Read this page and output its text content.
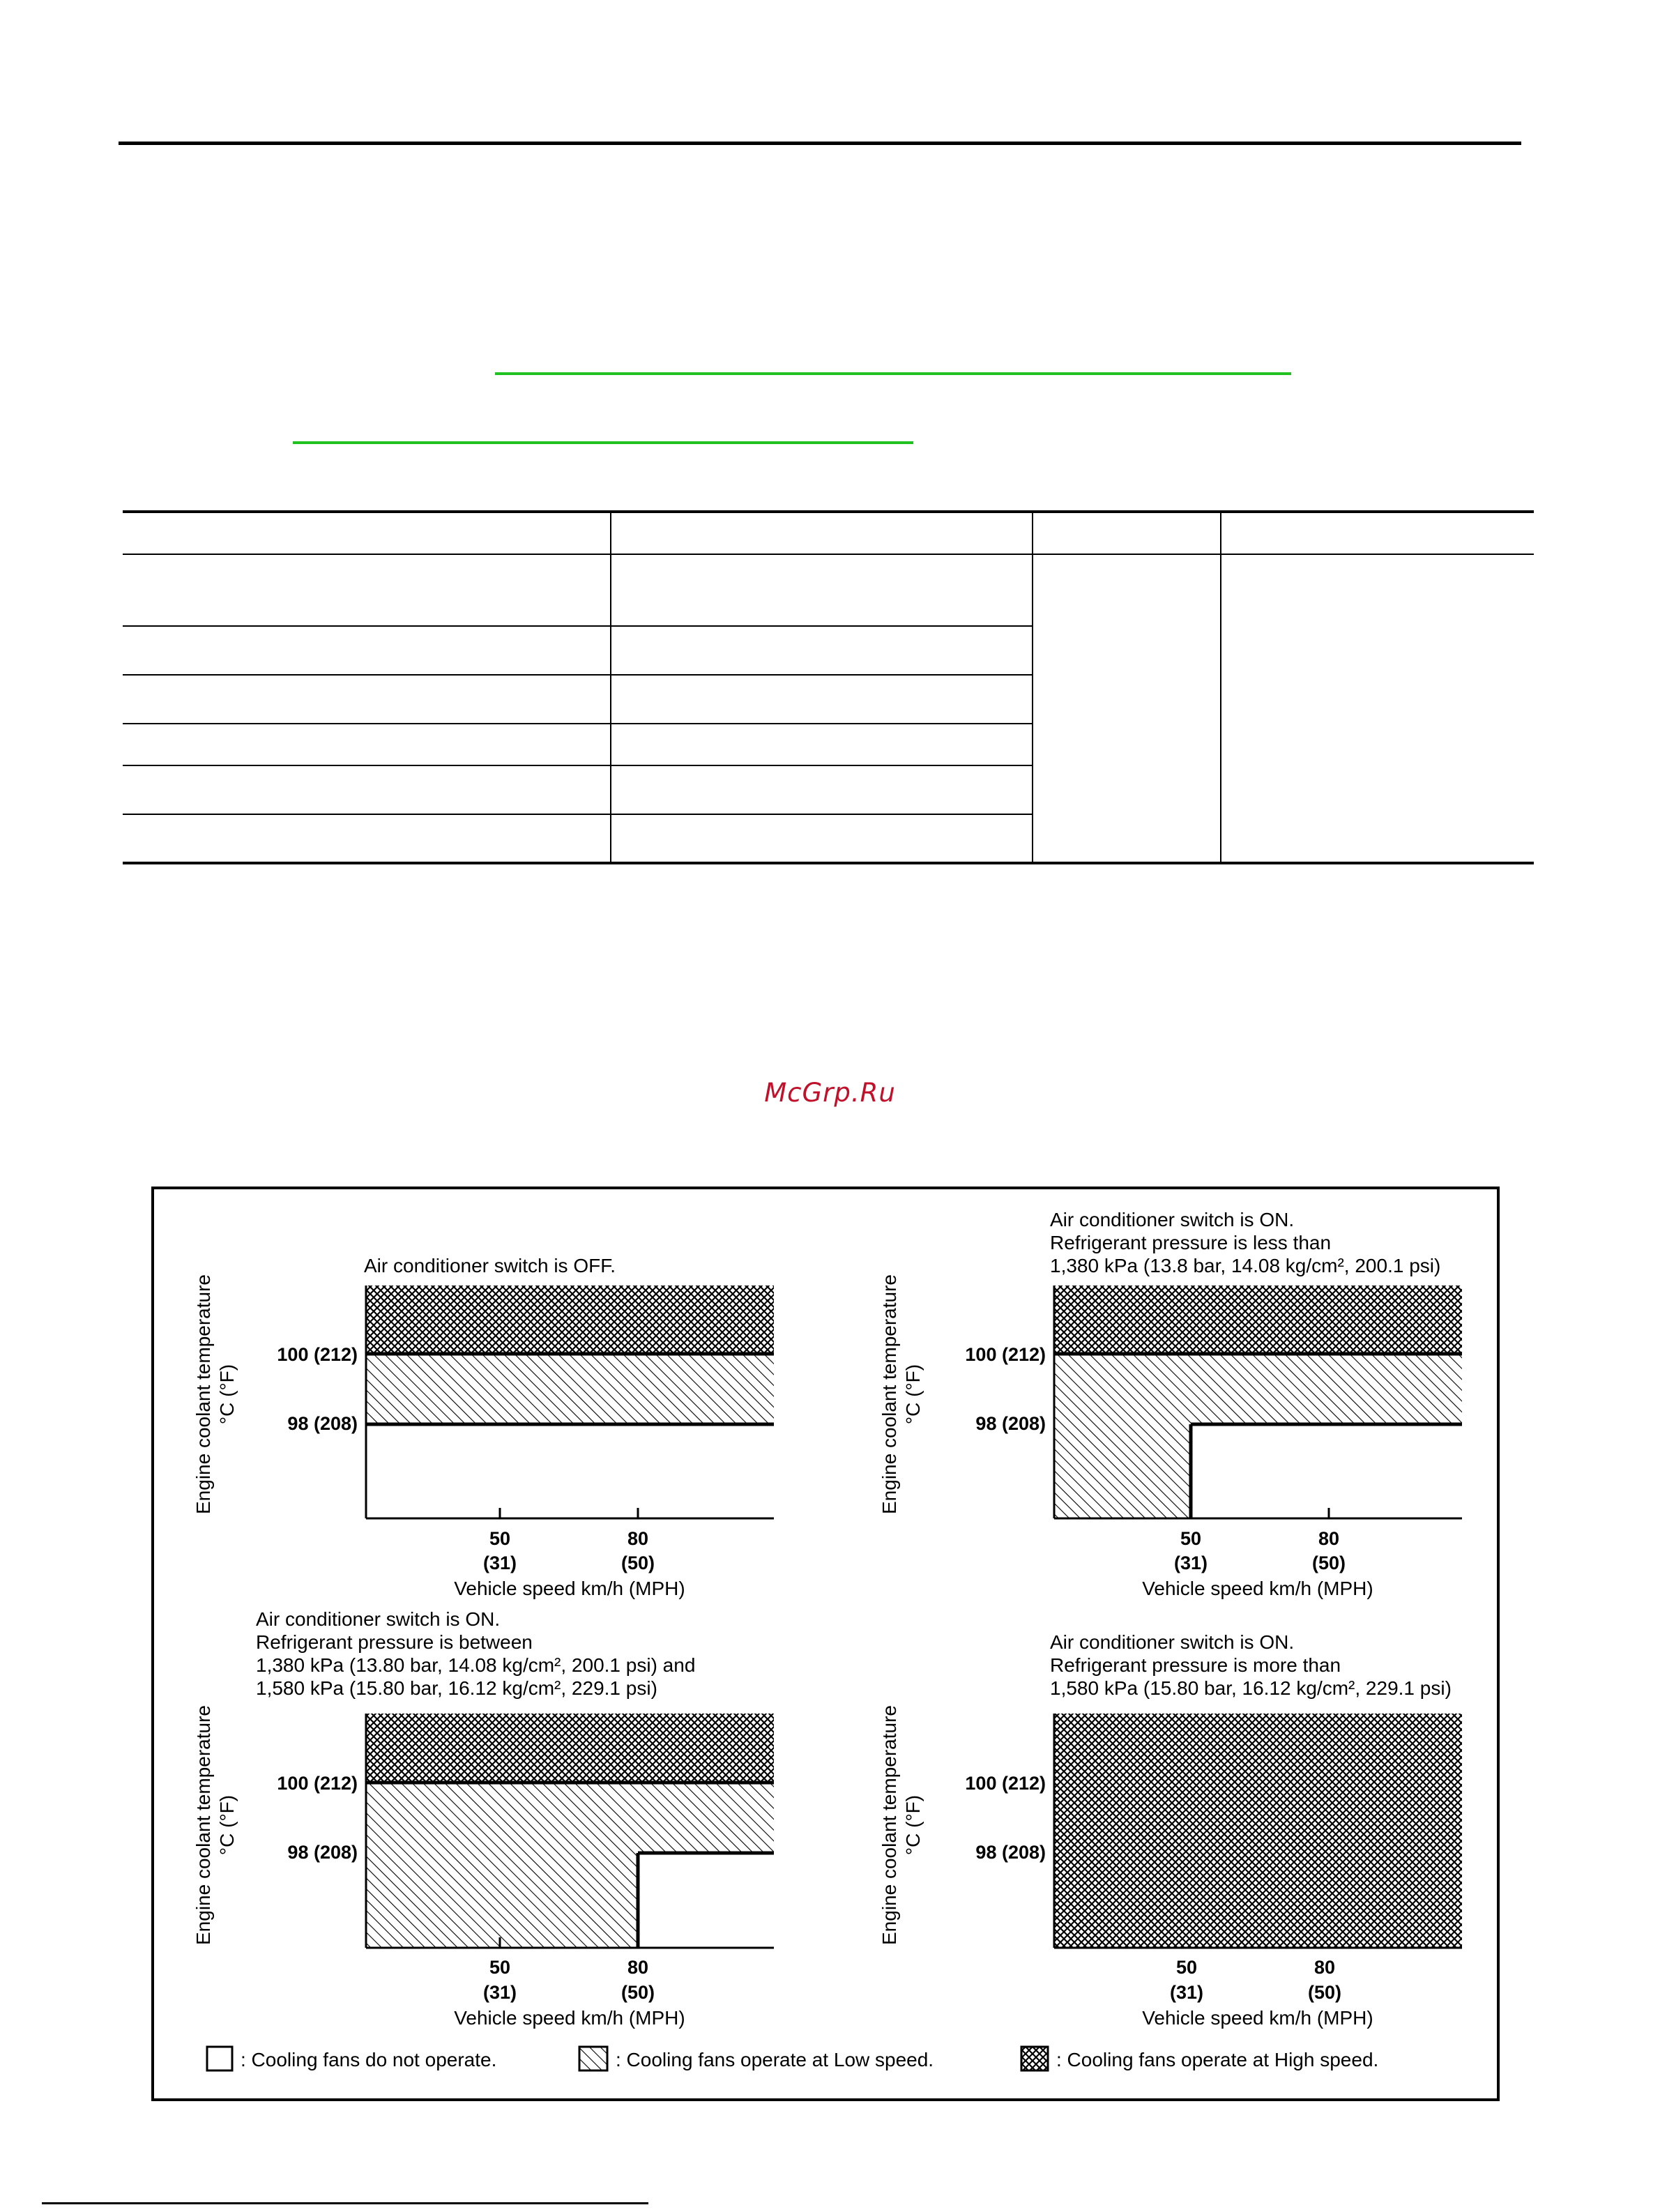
McGrp.Ru
Air conditioner switch is OFF.
100 (212)
98 (208)
50
(31)
80
(50)
Vehicle speed km/h (MPH)
Engine coolant temperature °C (°F)
Air conditioner switch is ON.
Refrigerant pressure is less than
1,380 kPa (13.8 bar, 14.08 kg/cm², 200.1 psi)
100 (212)
98 (208)
50
(31)
80
(50)
Vehicle speed km/h (MPH)
Engine coolant temperature °C (°F)
Air conditioner switch is ON.
Refrigerant pressure is between
1,380 kPa (13.80 bar, 14.08 kg/cm², 200.1 psi) and
1,580 kPa (15.80 bar, 16.12 kg/cm², 229.1 psi)
100 (212)
98 (208)
50
(31)
80
(50)
Vehicle speed km/h (MPH)
Engine coolant temperature °C (°F)
Air conditioner switch is ON.
Refrigerant pressure is more than
1,580 kPa (15.80 bar, 16.12 kg/cm², 229.1 psi)
100 (212)
98 (208)
50
(31)
80
(50)
Vehicle speed km/h (MPH)
Engine coolant temperature °C (°F)
: Cooling fans do not operate.	: Cooling fans operate at Low speed.	: Cooling fans operate at High speed.
